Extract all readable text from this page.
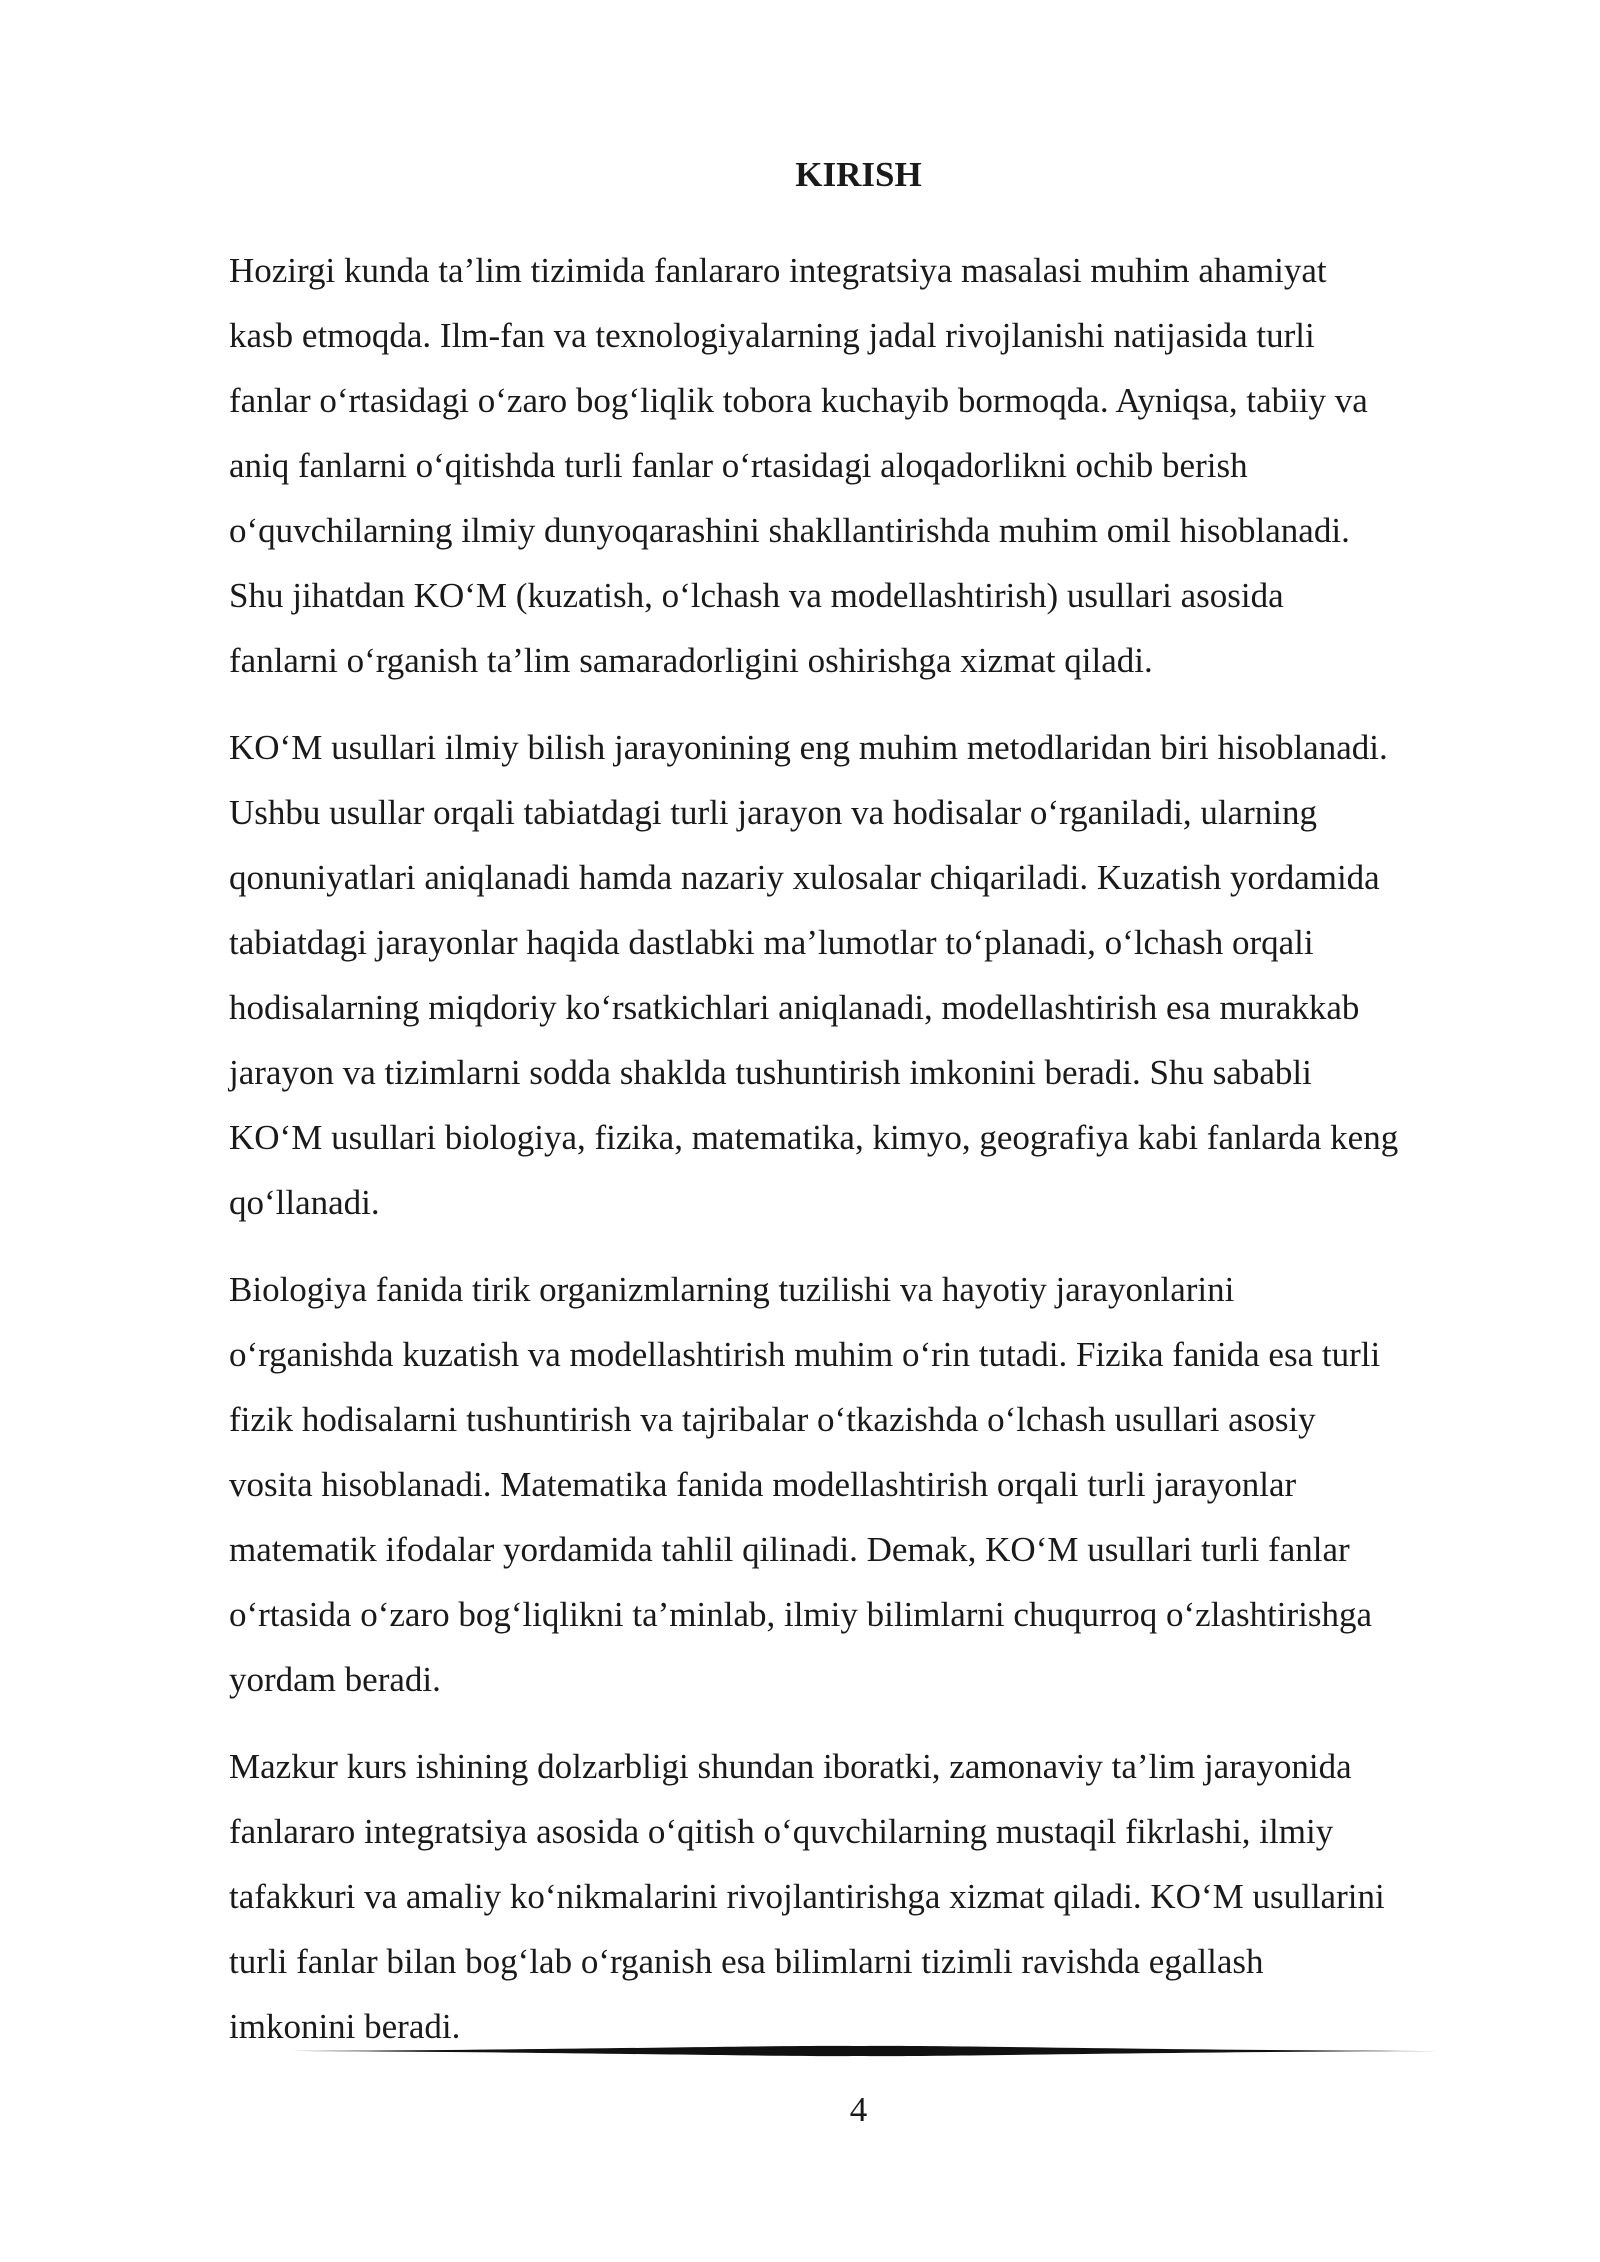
KIRISH

Hozirgi kunda ta’lim tizimida fanlararo integratsiya masalasi muhim ahamiyat
kasb etmoqda. Ilm-fan va texnologiyalarning jadal rivojlanishi natijasida turli
fanlar o‘rtasidagi o‘zaro bog‘liqlik tobora kuchayib bormoqda. Ayniqsa, tabiiy va
aniq fanlarni o‘qitishda turli fanlar o‘rtasidagi aloqadorlikni ochib berish
o‘quvchilarning ilmiy dunyoqarashini shakllantirishda muhim omil hisoblanadi.
Shu jihatdan KO‘M (kuzatish, o‘lchash va modellashtirish) usullari asosida
fanlarni o‘rganish ta’lim samaradorligini oshirishga xizmat qiladi.

KO‘M usullari ilmiy bilish jarayonining eng muhim metodlaridan biri hisoblanadi.
Ushbu usullar orqali tabiatdagi turli jarayon va hodisalar o‘rganiladi, ularning
qonuniyatlari aniqlanadi hamda nazariy xulosalar chiqariladi. Kuzatish yordamida
tabiatdagi jarayonlar haqida dastlabki ma’lumotlar to‘planadi, o‘lchash orqali
hodisalarning miqdoriy ko‘rsatkichlari aniqlanadi, modellashtirish esa murakkab
jarayon va tizimlarni sodda shaklda tushuntirish imkonini beradi. Shu sababli
KO‘M usullari biologiya, fizika, matematika, kimyo, geografiya kabi fanlarda keng
qo‘llanadi.

Biologiya fanida tirik organizmlarning tuzilishi va hayotiy jarayonlarini
o‘rganishda kuzatish va modellashtirish muhim o‘rin tutadi. Fizika fanida esa turli
fizik hodisalarni tushuntirish va tajribalar o‘tkazishda o‘lchash usullari asosiy
vosita hisoblanadi. Matematika fanida modellashtirish orqali turli jarayonlar
matematik ifodalar yordamida tahlil qilinadi. Demak, KO‘M usullari turli fanlar
o‘rtasida o‘zaro bog‘liqlikni ta’minlab, ilmiy bilimlarni chuqurroq o‘zlashtirishga
yordam beradi.

Mazkur kurs ishining dolzarbligi shundan iboratki, zamonaviy ta’lim jarayonida
fanlararo integratsiya asosida o‘qitish o‘quvchilarning mustaqil fikrlashi, ilmiy
tafakkuri va amaliy ko‘nikmalarini rivojlantirishga xizmat qiladi. KO‘M usullarini
turli fanlar bilan bog‘lab o‘rganish esa bilimlarni tizimli ravishda egallash
imkonini beradi.

4
